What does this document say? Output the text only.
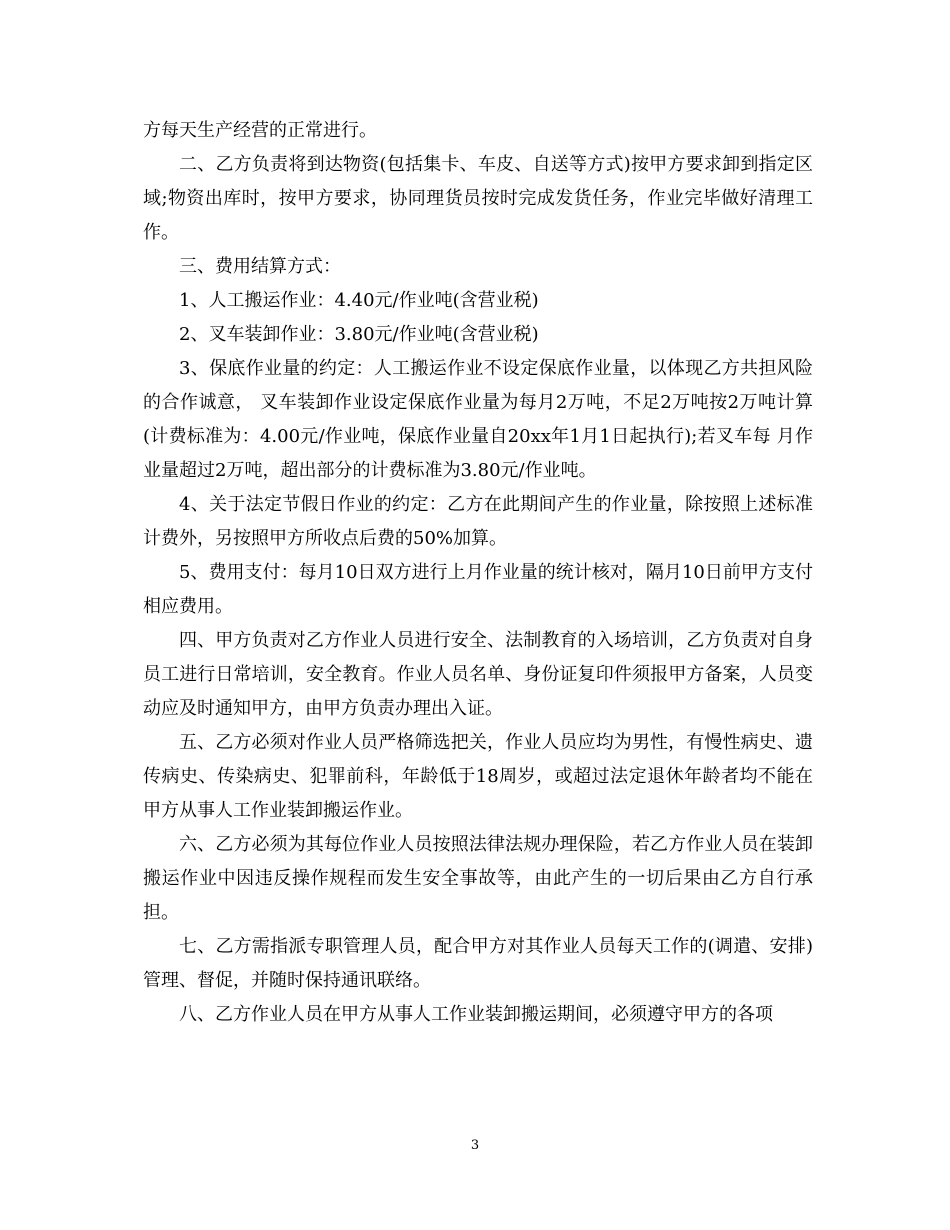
方每天生产经营的正常进行。

二、乙方负责将到达物资(包括集卡、车皮、自送等方式)按甲方要求卸到指定区域;物资出库时，按甲方要求，协同理货员按时完成发货任务，作业完毕做好清理工作。

三、费用结算方式：

1、人工搬运作业：4.40元/作业吨(含营业税)

2、叉车装卸作业：3.80元/作业吨(含营业税)

3、保底作业量的约定：人工搬运作业不设定保底作业量，以体现乙方共担风险的合作诚意， 叉车装卸作业设定保底作业量为每月2万吨，不足2万吨按2万吨计算(计费标准为：4.00元/作业吨，保底作业量自20xx年1月1日起执行);若叉车每 月作业量超过2万吨，超出部分的计费标准为3.80元/作业吨。

4、关于法定节假日作业的约定：乙方在此期间产生的作业量，除按照上述标准计费外，另按照甲方所收点后费的50%加算。

5、费用支付：每月10日双方进行上月作业量的统计核对，隔月10日前甲方支付相应费用。

四、甲方负责对乙方作业人员进行安全、法制教育的入场培训，乙方负责对自身员工进行日常培训，安全教育。作业人员名单、身份证复印件须报甲方备案，人员变动应及时通知甲方，由甲方负责办理出入证。

五、乙方必须对作业人员严格筛选把关，作业人员应均为男性，有慢性病史、遗传病史、传染病史、犯罪前科，年龄低于18周岁，或超过法定退休年龄者均不能在甲方从事人工作业装卸搬运作业。

六、乙方必须为其每位作业人员按照法律法规办理保险，若乙方作业人员在装卸搬运作业中因违反操作规程而发生安全事故等，由此产生的一切后果由乙方自行承担。

七、乙方需指派专职管理人员，配合甲方对其作业人员每天工作的(调遣、安排)管理、督促，并随时保持通讯联络。

八、乙方作业人员在甲方从事人工作业装卸搬运期间，必须遵守甲方的各项

3
